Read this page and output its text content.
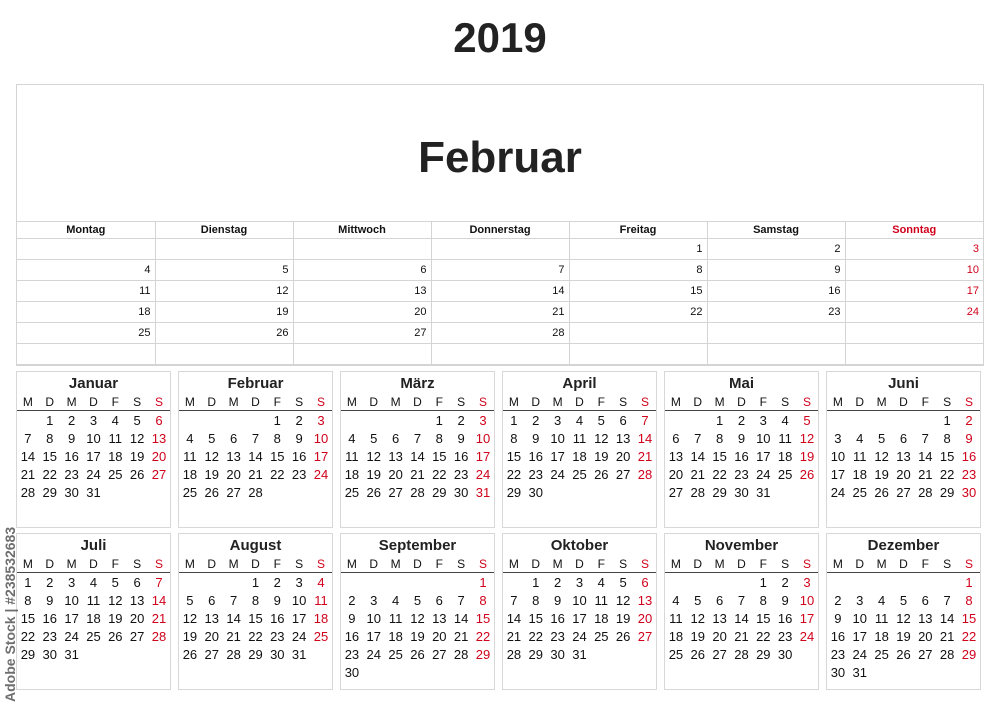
2019
Februar
Montag	Dienstag	Mittwoch	Donnerstag	Freitag	Samstag	Sonntag
				1	2	3
4	5	6	7	8	9	10
11	12	13	14	15	16	17
18	19	20	21	22	23	24
25	26	27	28			

Januar
M	D	M	D	F	S	S
	1	2	3	4	5	6
7	8	9	10	11	12	13
14	15	16	17	18	19	20
21	22	23	24	25	26	27
28	29	30	31			
Februar
M	D	M	D	F	S	S
				1	2	3
4	5	6	7	8	9	10
11	12	13	14	15	16	17
18	19	20	21	22	23	24
25	26	27	28			
März
M	D	M	D	F	S	S
				1	2	3
4	5	6	7	8	9	10
11	12	13	14	15	16	17
18	19	20	21	22	23	24
25	26	27	28	29	30	31
April
M	D	M	D	F	S	S
1	2	3	4	5	6	7
8	9	10	11	12	13	14
15	16	17	18	19	20	21
22	23	24	25	26	27	28
29	30					
Mai
M	D	M	D	F	S	S
		1	2	3	4	5
6	7	8	9	10	11	12
13	14	15	16	17	18	19
20	21	22	23	24	25	26
27	28	29	30	31		
Juni
M	D	M	D	F	S	S
					1	2
3	4	5	6	7	8	9
10	11	12	13	14	15	16
17	18	19	20	21	22	23
24	25	26	27	28	29	30
Juli
M	D	M	D	F	S	S
1	2	3	4	5	6	7
8	9	10	11	12	13	14
15	16	17	18	19	20	21
22	23	24	25	26	27	28
29	30	31				
August
M	D	M	D	F	S	S
			1	2	3	4
5	6	7	8	9	10	11
12	13	14	15	16	17	18
19	20	21	22	23	24	25
26	27	28	29	30	31	
September
M	D	M	D	F	S	S
						1
2	3	4	5	6	7	8
9	10	11	12	13	14	15
16	17	18	19	20	21	22
23	24	25	26	27	28	29
30						
Oktober
M	D	M	D	F	S	S
	1	2	3	4	5	6
7	8	9	10	11	12	13
14	15	16	17	18	19	20
21	22	23	24	25	26	27
28	29	30	31			
November
M	D	M	D	F	S	S
				1	2	3
4	5	6	7	8	9	10
11	12	13	14	15	16	17
18	19	20	21	22	23	24
25	26	27	28	29	30	
Dezember
M	D	M	D	F	S	S
						1
2	3	4	5	6	7	8
9	10	11	12	13	14	15
16	17	18	19	20	21	22
23	24	25	26	27	28	29
30	31					
Adobe Stock | #238532683
